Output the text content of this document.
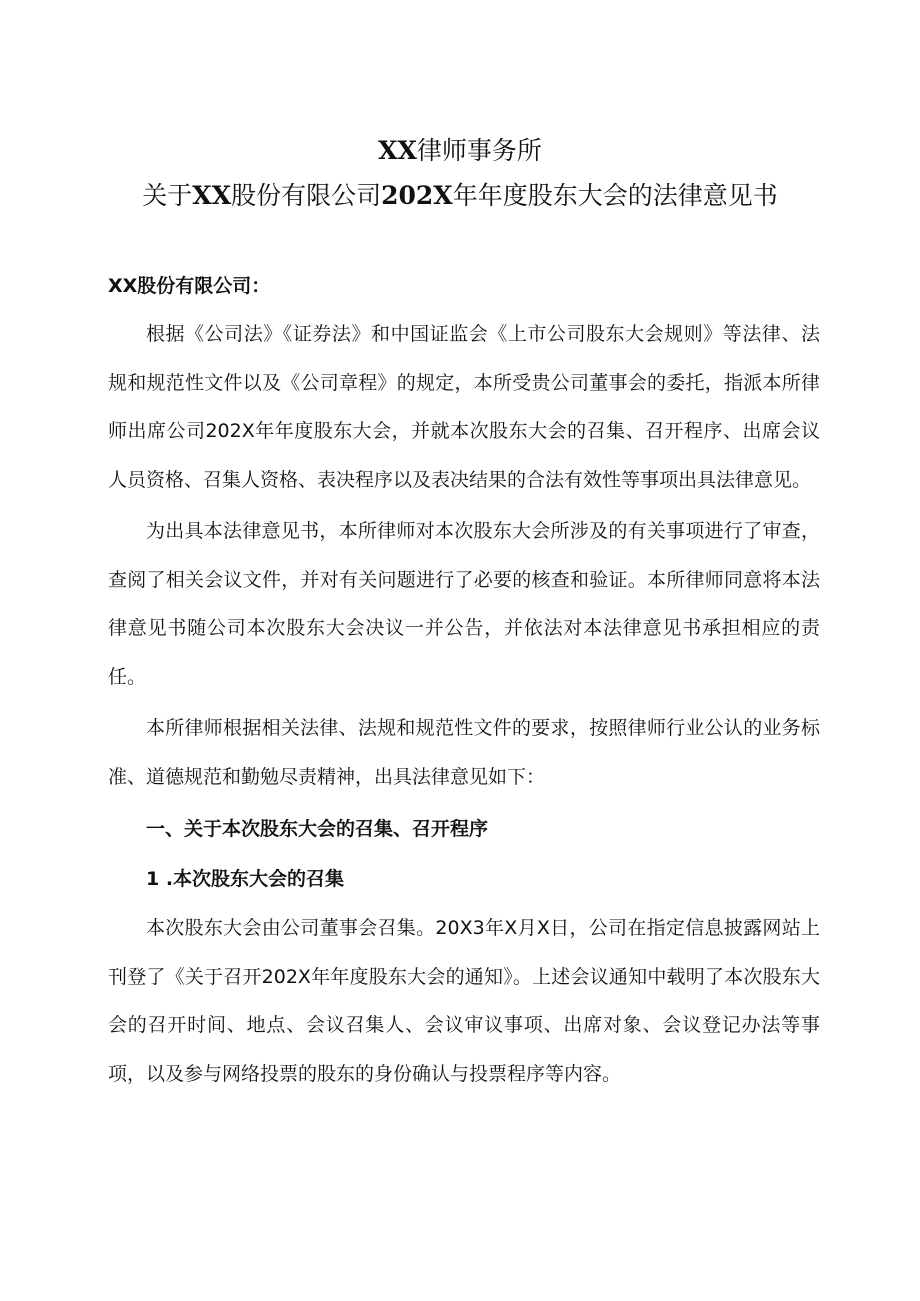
XX律师事务所
关于XX股份有限公司202X年年度股东大会的法律意见书

XX股份有限公司：

根据《公司法》《证券法》和中国证监会《上市公司股东大会规则》等法律、法规和规范性文件以及《公司章程》的规定，本所受贵公司董事会的委托，指派本所律师出席公司202X年年度股东大会，并就本次股东大会的召集、召开程序、出席会议人员资格、召集人资格、表决程序以及表决结果的合法有效性等事项出具法律意见。

为出具本法律意见书，本所律师对本次股东大会所涉及的有关事项进行了审查，查阅了相关会议文件，并对有关问题进行了必要的核查和验证。本所律师同意将本法律意见书随公司本次股东大会决议一并公告，并依法对本法律意见书承担相应的责任。

本所律师根据相关法律、法规和规范性文件的要求，按照律师行业公认的业务标准、道德规范和勤勉尽责精神，出具法律意见如下：

一、关于本次股东大会的召集、召开程序

1 .本次股东大会的召集

本次股东大会由公司董事会召集。20X3年X月X日，公司在指定信息披露网站上刊登了《关于召开202X年年度股东大会的通知》。上述会议通知中载明了本次股东大会的召开时间、地点、会议召集人、会议审议事项、出席对象、会议登记办法等事项，以及参与网络投票的股东的身份确认与投票程序等内容。
